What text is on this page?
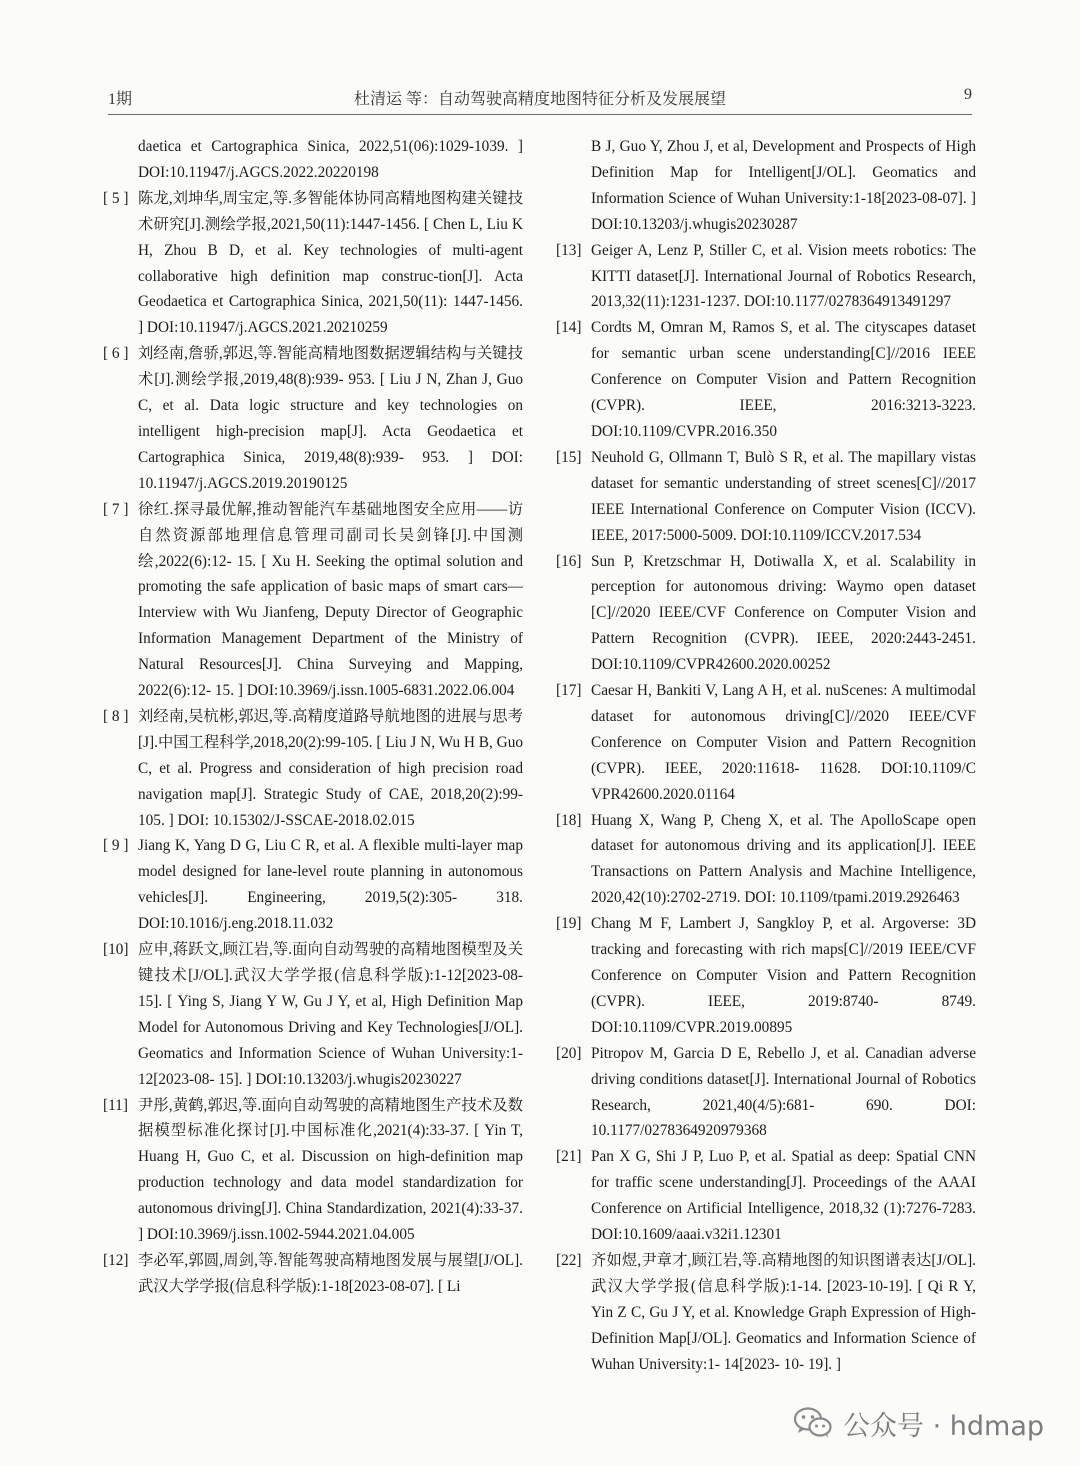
1期	杜清运 等：自动驾驶高精度地图特征分析及发展展望	9

daetica et Cartographica Sinica, 2022,51(06):1029-1039. ] DOI:10.11947/j.AGCS.2022.20220198

[ 5 ] 陈龙,刘坤华,周宝定,等.多智能体协同高精地图构建关键技术研究[J].测绘学报,2021,50(11):1447-1456. [ Chen L, Liu K H, Zhou B D, et al. Key technologies of multi-agent collaborative high definition map construc-tion[J]. Acta Geodaetica et Cartographica Sinica, 2021,50(11): 1447-1456. ] DOI:10.11947/j.AGCS.2021.20210259

[ 6 ] 刘经南,詹骄,郭迟,等.智能高精地图数据逻辑结构与关键技术[J].测绘学报,2019,48(8):939- 953. [ Liu J N, Zhan J, Guo C, et al. Data logic structure and key technologies on intelligent high-precision map[J]. Acta Geodaetica et Cartographica Sinica, 2019,48(8):939- 953. ] DOI: 10.11947/j.AGCS.2019.20190125

[ 7 ] 徐红.探寻最优解,推动智能汽车基础地图安全应用——访自然资源部地理信息管理司副司长吴剑锋[J].中国测绘,2022(6):12- 15. [ Xu H. Seeking the optimal solution and promoting the safe application of basic maps of smart cars—Interview with Wu Jianfeng, Deputy Director of Geographic Information Management Department of the Ministry of Natural Resources[J]. China Surveying and Mapping, 2022(6):12- 15. ] DOI:10.3969/j.issn.1005-6831.2022.06.004

[ 8 ] 刘经南,吴杭彬,郭迟,等.高精度道路导航地图的进展与思考[J].中国工程科学,2018,20(2):99-105. [ Liu J N, Wu H B, Guo C, et al. Progress and consideration of high precision road navigation map[J]. Strategic Study of CAE, 2018,20(2):99-105. ] DOI: 10.15302/J-SSCAE-2018.02.015

[ 9 ] Jiang K, Yang D G, Liu C R, et al. A flexible multi-layer map model designed for lane-level route planning in autonomous vehicles[J]. Engineering, 2019,5(2):305- 318. DOI:10.1016/j.eng.2018.11.032

[10] 应申,蒋跃文,顾江岩,等.面向自动驾驶的高精地图模型及关键技术[J/OL].武汉大学学报(信息科学版):1-12[2023-08- 15]. [ Ying S, Jiang Y W, Gu J Y, et al, High Definition Map Model for Autonomous Driving and Key Technologies[J/OL]. Geomatics and Information Science of Wuhan University:1-12[2023-08- 15]. ] DOI:10.13203/j.whugis20230227

[11] 尹彤,黄鹤,郭迟,等.面向自动驾驶的高精地图生产技术及数据模型标准化探讨[J].中国标准化,2021(4):33-37. [ Yin T, Huang H, Guo C, et al. Discussion on high-definition map production technology and data model standardization for autonomous driving[J]. China Standardization, 2021(4):33-37. ] DOI:10.3969/j.issn.1002-5944.2021.04.005

[12] 李必军,郭圆,周剑,等.智能驾驶高精地图发展与展望[J/OL].武汉大学学报(信息科学版):1-18[2023-08-07]. [ Li

B J, Guo Y, Zhou J, et al, Development and Prospects of High Definition Map for Intelligent[J/OL]. Geomatics and Information Science of Wuhan University:1-18[2023-08-07]. ] DOI:10.13203/j.whugis20230287

[13] Geiger A, Lenz P, Stiller C, et al. Vision meets robotics: The KITTI dataset[J]. International Journal of Robotics Research, 2013,32(11):1231-1237. DOI:10.1177/0278364913491297

[14] Cordts M, Omran M, Ramos S, et al. The cityscapes dataset for semantic urban scene understanding[C]//2016 IEEE Conference on Computer Vision and Pattern Recognition (CVPR). IEEE, 2016:3213-3223. DOI:10.1109/CVPR.2016.350

[15] Neuhold G, Ollmann T, Bulò S R, et al. The mapillary vistas dataset for semantic understanding of street scenes[C]//2017 IEEE International Conference on Computer Vision (ICCV). IEEE, 2017:5000-5009. DOI:10.1109/ICCV.2017.534

[16] Sun P, Kretzschmar H, Dotiwalla X, et al. Scalability in perception for autonomous driving: Waymo open dataset [C]//2020 IEEE/CVF Conference on Computer Vision and Pattern Recognition (CVPR). IEEE, 2020:2443-2451. DOI:10.1109/CVPR42600.2020.00252

[17] Caesar H, Bankiti V, Lang A H, et al. nuScenes: A multimodal dataset for autonomous driving[C]//2020 IEEE/CVF Conference on Computer Vision and Pattern Recognition (CVPR). IEEE, 2020:11618- 11628. DOI:10.1109/C VPR42600.2020.01164

[18] Huang X, Wang P, Cheng X, et al. The ApolloScape open dataset for autonomous driving and its application[J]. IEEE Transactions on Pattern Analysis and Machine Intelligence, 2020,42(10):2702-2719. DOI: 10.1109/tpami.2019.2926463

[19] Chang M F, Lambert J, Sangkloy P, et al. Argoverse: 3D tracking and forecasting with rich maps[C]//2019 IEEE/CVF Conference on Computer Vision and Pattern Recognition (CVPR). IEEE, 2019:8740- 8749. DOI:10.1109/CVPR.2019.00895

[20] Pitropov M, Garcia D E, Rebello J, et al. Canadian adverse driving conditions dataset[J]. International Journal of Robotics Research, 2021,40(4/5):681- 690. DOI: 10.1177/0278364920979368

[21] Pan X G, Shi J P, Luo P, et al. Spatial as deep: Spatial CNN for traffic scene understanding[J]. Proceedings of the AAAI Conference on Artificial Intelligence, 2018,32 (1):7276-7283. DOI:10.1609/aaai.v32i1.12301

[22] 齐如煜,尹章才,顾江岩,等.高精地图的知识图谱表达[J/OL].武汉大学学报(信息科学版):1-14. [2023-10-19]. [ Qi R Y, Yin Z C, Gu J Y, et al. Knowledge Graph Expression of High-Definition Map[J/OL]. Geomatics and Information Science of Wuhan University:1- 14[2023- 10- 19]. ]

公众号 · hdmap
